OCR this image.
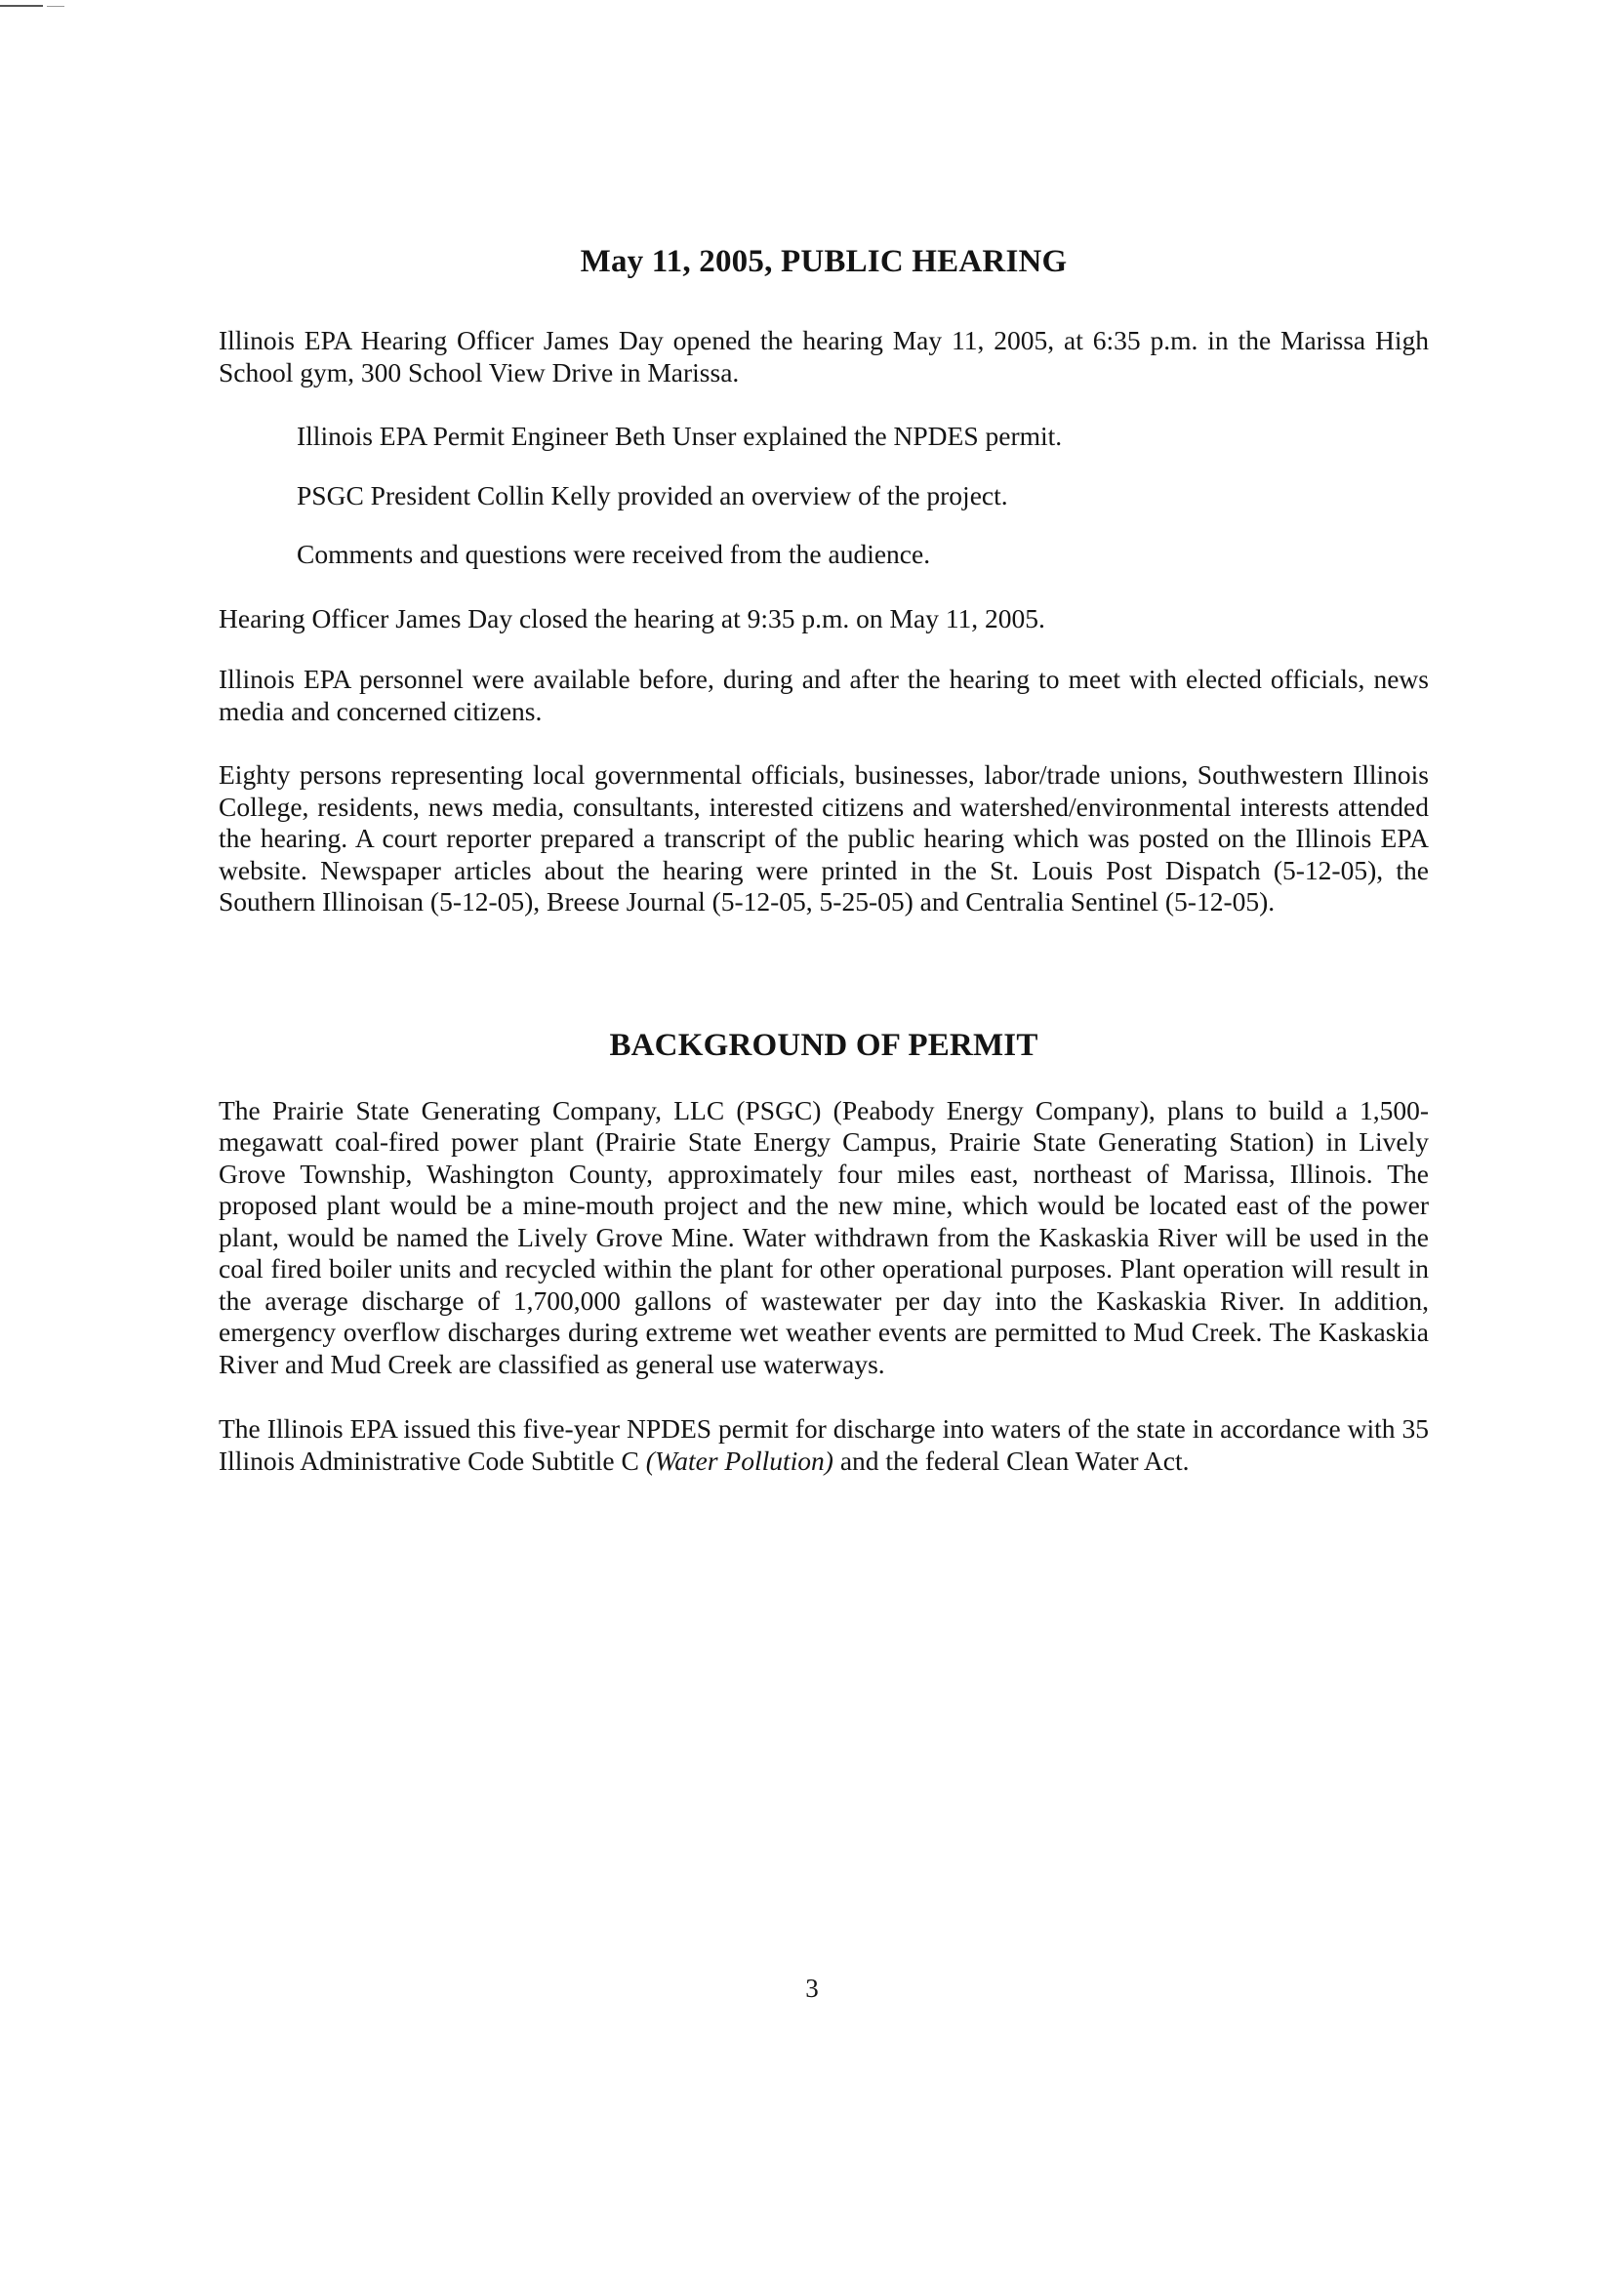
May 11, 2005, PUBLIC HEARING

Illinois EPA Hearing Officer James Day opened the hearing May 11, 2005, at 6:35 p.m. in the Marissa High School gym, 300 School View Drive in Marissa.

Illinois EPA Permit Engineer Beth Unser explained the NPDES permit.

PSGC President Collin Kelly provided an overview of the project.

Comments and questions were received from the audience.

Hearing Officer James Day closed the hearing at 9:35 p.m. on May 11, 2005.

Illinois EPA personnel were available before, during and after the hearing to meet with elected officials, news media and concerned citizens.

Eighty persons representing local governmental officials, businesses, labor/trade unions, Southwestern Illinois College, residents, news media, consultants, interested citizens and watershed/environmental interests attended the hearing. A court reporter prepared a transcript of the public hearing which was posted on the Illinois EPA website. Newspaper articles about the hearing were printed in the St. Louis Post Dispatch (5-12-05), the Southern Illinoisan (5-12-05), Breese Journal (5-12-05, 5-25-05) and Centralia Sentinel (5-12-05).

BACKGROUND OF PERMIT

The Prairie State Generating Company, LLC (PSGC) (Peabody Energy Company), plans to build a 1,500-megawatt coal-fired power plant (Prairie State Energy Campus, Prairie State Generating Station) in Lively Grove Township, Washington County, approximately four miles east, northeast of Marissa, Illinois. The proposed plant would be a mine-mouth project and the new mine, which would be located east of the power plant, would be named the Lively Grove Mine. Water withdrawn from the Kaskaskia River will be used in the coal fired boiler units and recycled within the plant for other operational purposes. Plant operation will result in the average discharge of 1,700,000 gallons of wastewater per day into the Kaskaskia River. In addition, emergency overflow discharges during extreme wet weather events are permitted to Mud Creek. The Kaskaskia River and Mud Creek are classified as general use waterways.

The Illinois EPA issued this five-year NPDES permit for discharge into waters of the state in accordance with 35 Illinois Administrative Code Subtitle C (Water Pollution) and the federal Clean Water Act.

3
